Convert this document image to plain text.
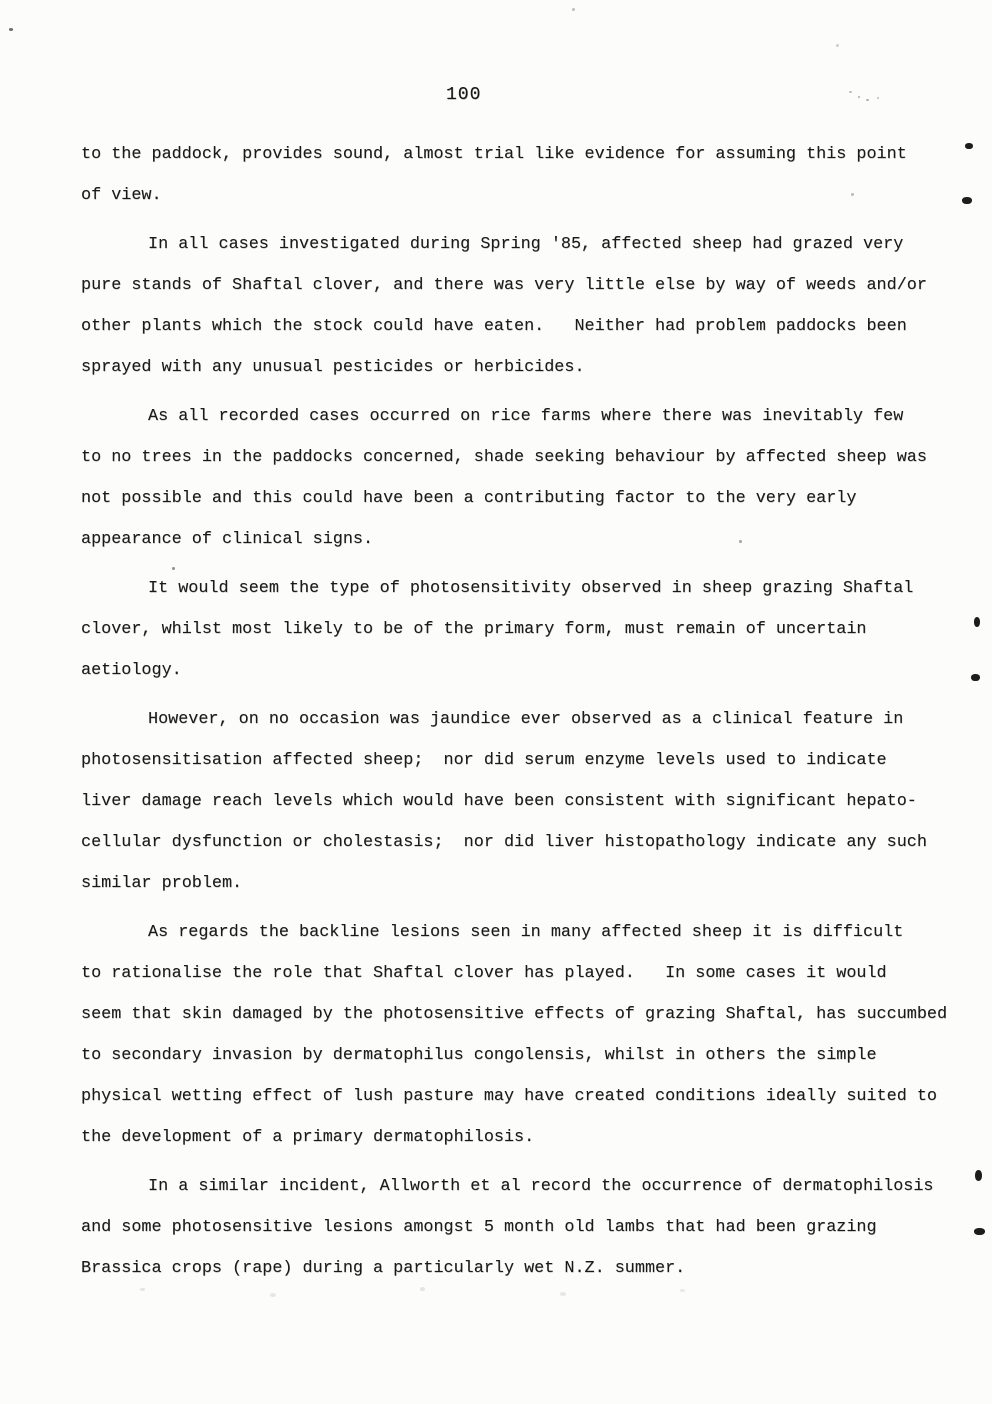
100
to the paddock, provides sound, almost trial like evidence for assuming this point
of view.
In all cases investigated during Spring '85, affected sheep had grazed very
pure stands of Shaftal clover, and there was very little else by way of weeds and/or
other plants which the stock could have eaten.   Neither had problem paddocks been
sprayed with any unusual pesticides or herbicides.
As all recorded cases occurred on rice farms where there was inevitably few
to no trees in the paddocks concerned, shade seeking behaviour by affected sheep was
not possible and this could have been a contributing factor to the very early
appearance of clinical signs.
It would seem the type of photosensitivity observed in sheep grazing Shaftal
clover, whilst most likely to be of the primary form, must remain of uncertain
aetiology.
However, on no occasion was jaundice ever observed as a clinical feature in
photosensitisation affected sheep;  nor did serum enzyme levels used to indicate
liver damage reach levels which would have been consistent with significant hepato-
cellular dysfunction or cholestasis;  nor did liver histopathology indicate any such
similar problem.
As regards the backline lesions seen in many affected sheep it is difficult
to rationalise the role that Shaftal clover has played.   In some cases it would
seem that skin damaged by the photosensitive effects of grazing Shaftal, has succumbed
to secondary invasion by dermatophilus congolensis, whilst in others the simple
physical wetting effect of lush pasture may have created conditions ideally suited to
the development of a primary dermatophilosis.
In a similar incident, Allworth et al record the occurrence of dermatophilosis
and some photosensitive lesions amongst 5 month old lambs that had been grazing
Brassica crops (rape) during a particularly wet N.Z. summer.
